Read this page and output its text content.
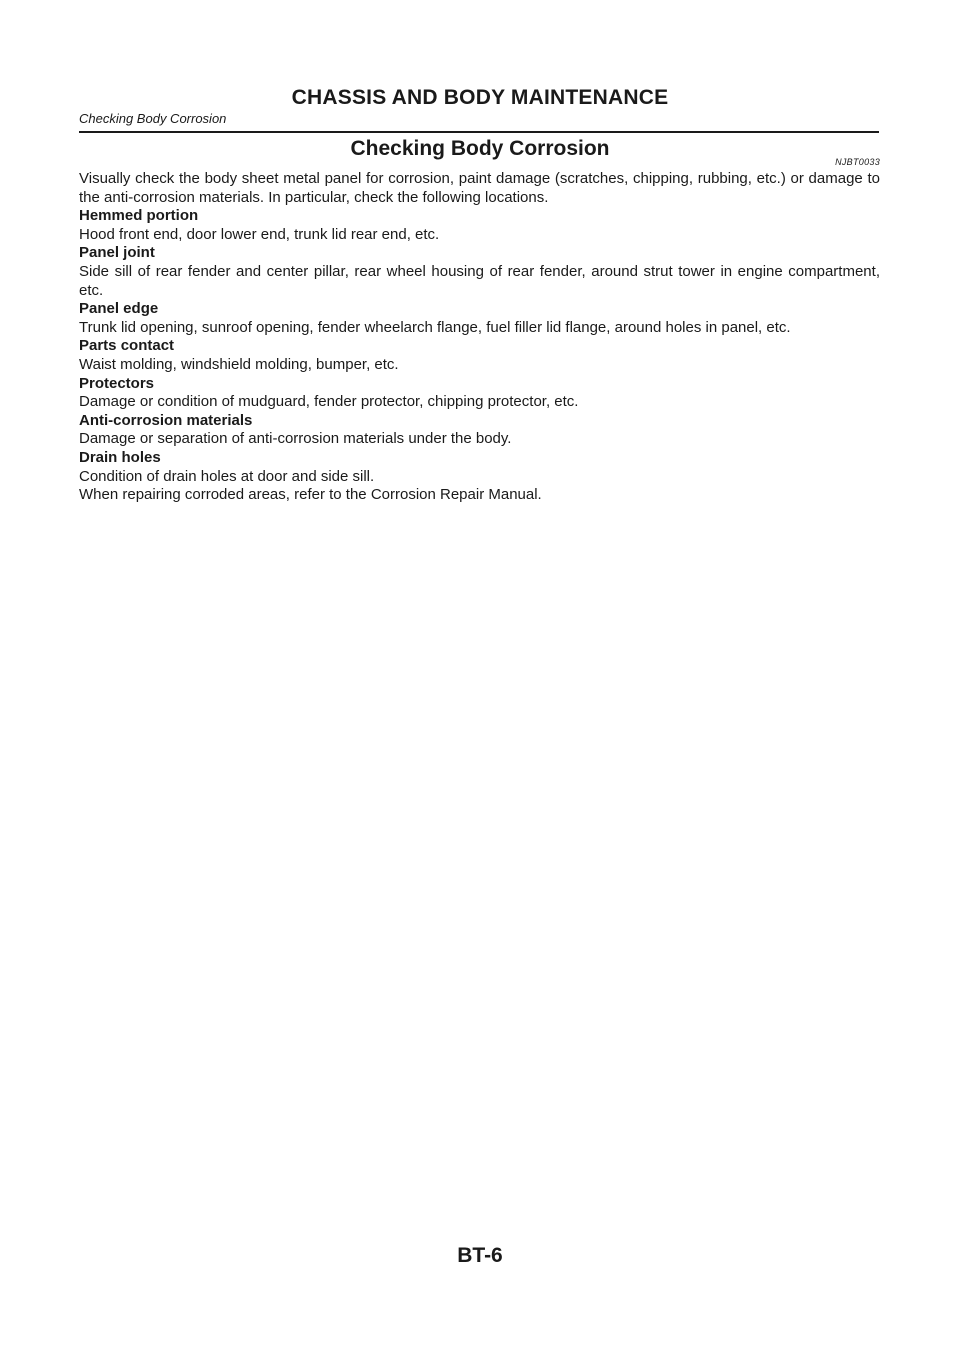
CHASSIS AND BODY MAINTENANCE
Checking Body Corrosion
Checking Body Corrosion
NJBT0033

Visually check the body sheet metal panel for corrosion, paint damage (scratches, chipping, rubbing, etc.) or damage to the anti-corrosion materials. In particular, check the following locations.

Hemmed portion

Hood front end, door lower end, trunk lid rear end, etc.

Panel joint

Side sill of rear fender and center pillar, rear wheel housing of rear fender, around strut tower in engine compartment, etc.

Panel edge

Trunk lid opening, sunroof opening, fender wheelarch flange, fuel filler lid flange, around holes in panel, etc.

Parts contact

Waist molding, windshield molding, bumper, etc.

Protectors

Damage or condition of mudguard, fender protector, chipping protector, etc.

Anti-corrosion materials

Damage or separation of anti-corrosion materials under the body.

Drain holes

Condition of drain holes at door and side sill.

When repairing corroded areas, refer to the Corrosion Repair Manual.

BT-6
